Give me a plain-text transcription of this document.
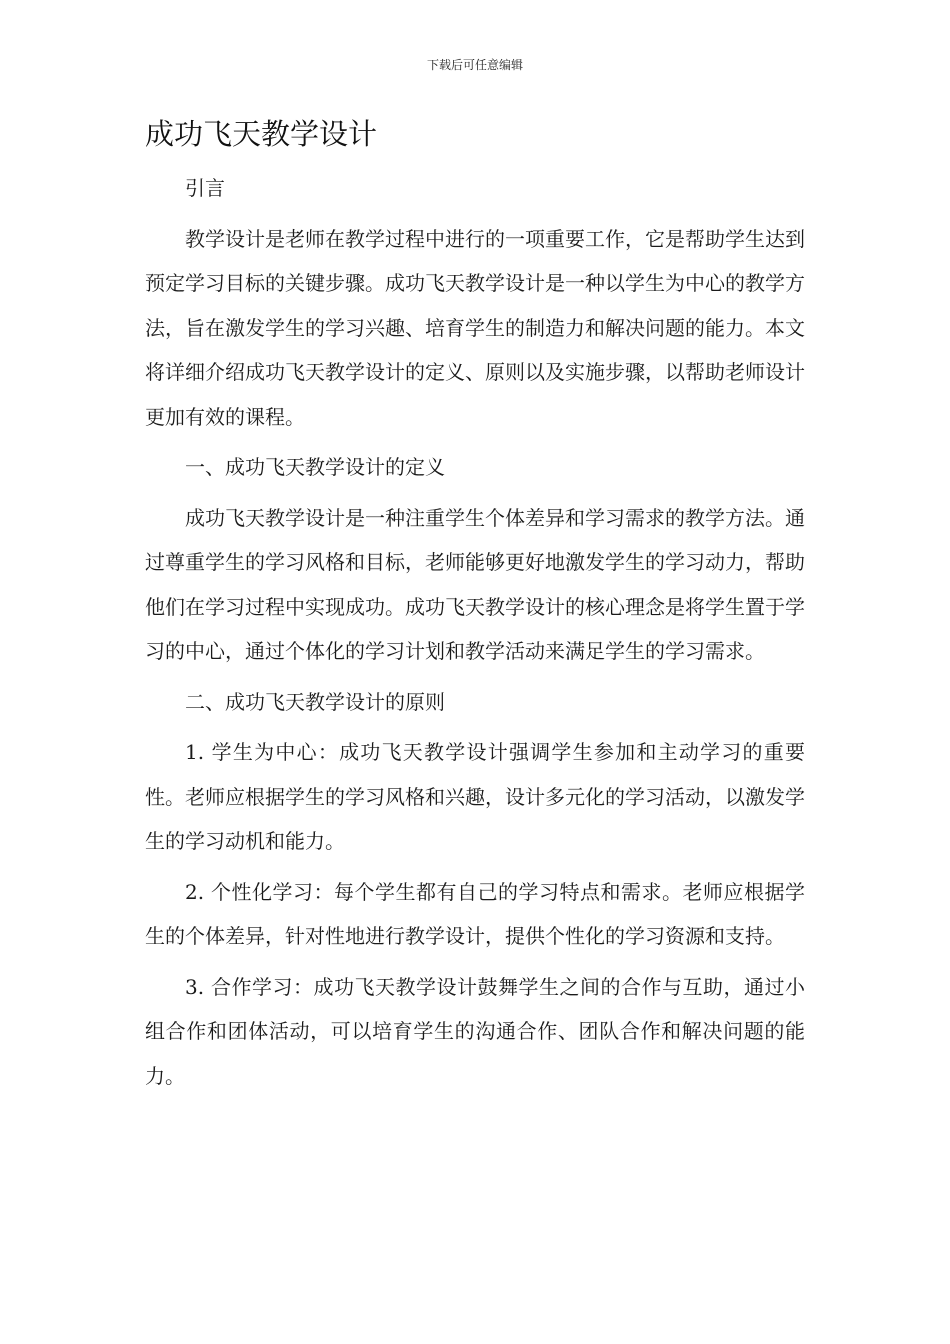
下载后可任意编辑
成功飞天教学设计

引言

教学设计是老师在教学过程中进行的一项重要工作，它是帮助学生达到预定学习目标的关键步骤。成功飞天教学设计是一种以学生为中心的教学方法，旨在激发学生的学习兴趣、培育学生的制造力和解决问题的能力。本文将详细介绍成功飞天教学设计的定义、原则以及实施步骤，以帮助老师设计更加有效的课程。

一、成功飞天教学设计的定义

成功飞天教学设计是一种注重学生个体差异和学习需求的教学方法。通过尊重学生的学习风格和目标，老师能够更好地激发学生的学习动力，帮助他们在学习过程中实现成功。成功飞天教学设计的核心理念是将学生置于学习的中心，通过个体化的学习计划和教学活动来满足学生的学习需求。

二、成功飞天教学设计的原则

1. 学生为中心：成功飞天教学设计强调学生参加和主动学习的重要性。老师应根据学生的学习风格和兴趣，设计多元化的学习活动，以激发学生的学习动机和能力。

2. 个性化学习：每个学生都有自己的学习特点和需求。老师应根据学生的个体差异，针对性地进行教学设计，提供个性化的学习资源和支持。

3. 合作学习：成功飞天教学设计鼓舞学生之间的合作与互助，通过小组合作和团体活动，可以培育学生的沟通合作、团队合作和解决问题的能力。
